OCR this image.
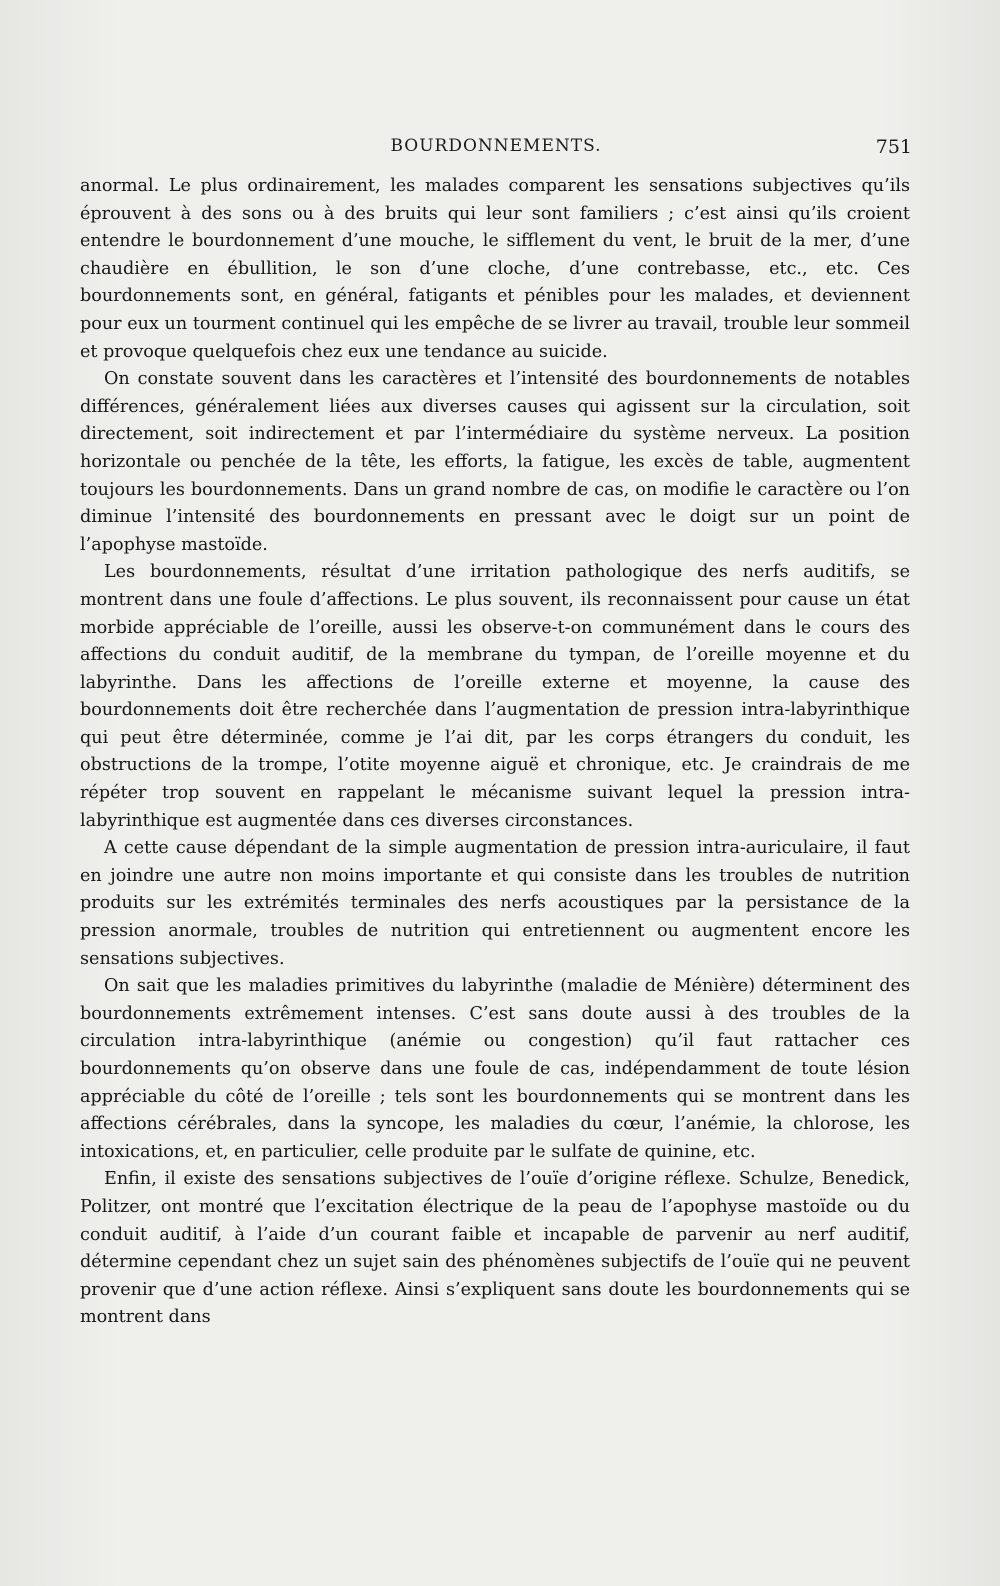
BOURDONNEMENTS.	751

anormal. Le plus ordinairement, les malades comparent les sensations subjectives qu’ils éprouvent à des sons ou à des bruits qui leur sont familiers ; c’est ainsi qu’ils croient entendre le bourdonnement d’une mouche, le sifflement du vent, le bruit de la mer, d’une chaudière en ébullition, le son d’une cloche, d’une contrebasse, etc., etc. Ces bourdonnements sont, en général, fatigants et pénibles pour les malades, et deviennent pour eux un tourment continuel qui les empêche de se livrer au travail, trouble leur sommeil et provoque quelquefois chez eux une tendance au suicide.

On constate souvent dans les caractères et l’intensité des bourdonnements de notables différences, généralement liées aux diverses causes qui agissent sur la circulation, soit directement, soit indirectement et par l’intermédiaire du système nerveux. La position horizontale ou penchée de la tête, les efforts, la fatigue, les excès de table, augmentent toujours les bourdonnements. Dans un grand nombre de cas, on modifie le caractère ou l’on diminue l’intensité des bourdonnements en pressant avec le doigt sur un point de l’apophyse mastoïde.

Les bourdonnements, résultat d’une irritation pathologique des nerfs auditifs, se montrent dans une foule d’affections. Le plus souvent, ils reconnaissent pour cause un état morbide appréciable de l’oreille, aussi les observe-t-on communément dans le cours des affections du conduit auditif, de la membrane du tympan, de l’oreille moyenne et du labyrinthe. Dans les affections de l’oreille externe et moyenne, la cause des bourdonnements doit être recherchée dans l’augmentation de pression intra-labyrinthique qui peut être déterminée, comme je l’ai dit, par les corps étrangers du conduit, les obstructions de la trompe, l’otite moyenne aiguë et chronique, etc. Je craindrais de me répéter trop souvent en rappelant le mécanisme suivant lequel la pression intra-labyrinthique est augmentée dans ces diverses circonstances.

A cette cause dépendant de la simple augmentation de pression intra-auriculaire, il faut en joindre une autre non moins importante et qui consiste dans les troubles de nutrition produits sur les extrémités terminales des nerfs acoustiques par la persistance de la pression anormale, troubles de nutrition qui entretiennent ou augmentent encore les sensations subjectives.

On sait que les maladies primitives du labyrinthe (maladie de Ménière) déterminent des bourdonnements extrêmement intenses. C’est sans doute aussi à des troubles de la circulation intra-labyrinthique (anémie ou congestion) qu’il faut rattacher ces bourdonnements qu’on observe dans une foule de cas, indépendamment de toute lésion appréciable du côté de l’oreille ; tels sont les bourdonnements qui se montrent dans les affections cérébrales, dans la syncope, les maladies du cœur, l’anémie, la chlorose, les intoxications, et, en particulier, celle produite par le sulfate de quinine, etc.

Enfin, il existe des sensations subjectives de l’ouïe d’origine réflexe. Schulze, Benedick, Politzer, ont montré que l’excitation électrique de la peau de l’apophyse mastoïde ou du conduit auditif, à l’aide d’un courant faible et incapable de parvenir au nerf auditif, détermine cependant chez un sujet sain des phénomènes subjectifs de l’ouïe qui ne peuvent provenir que d’une action réflexe. Ainsi s’expliquent sans doute les bourdonnements qui se montrent dans
